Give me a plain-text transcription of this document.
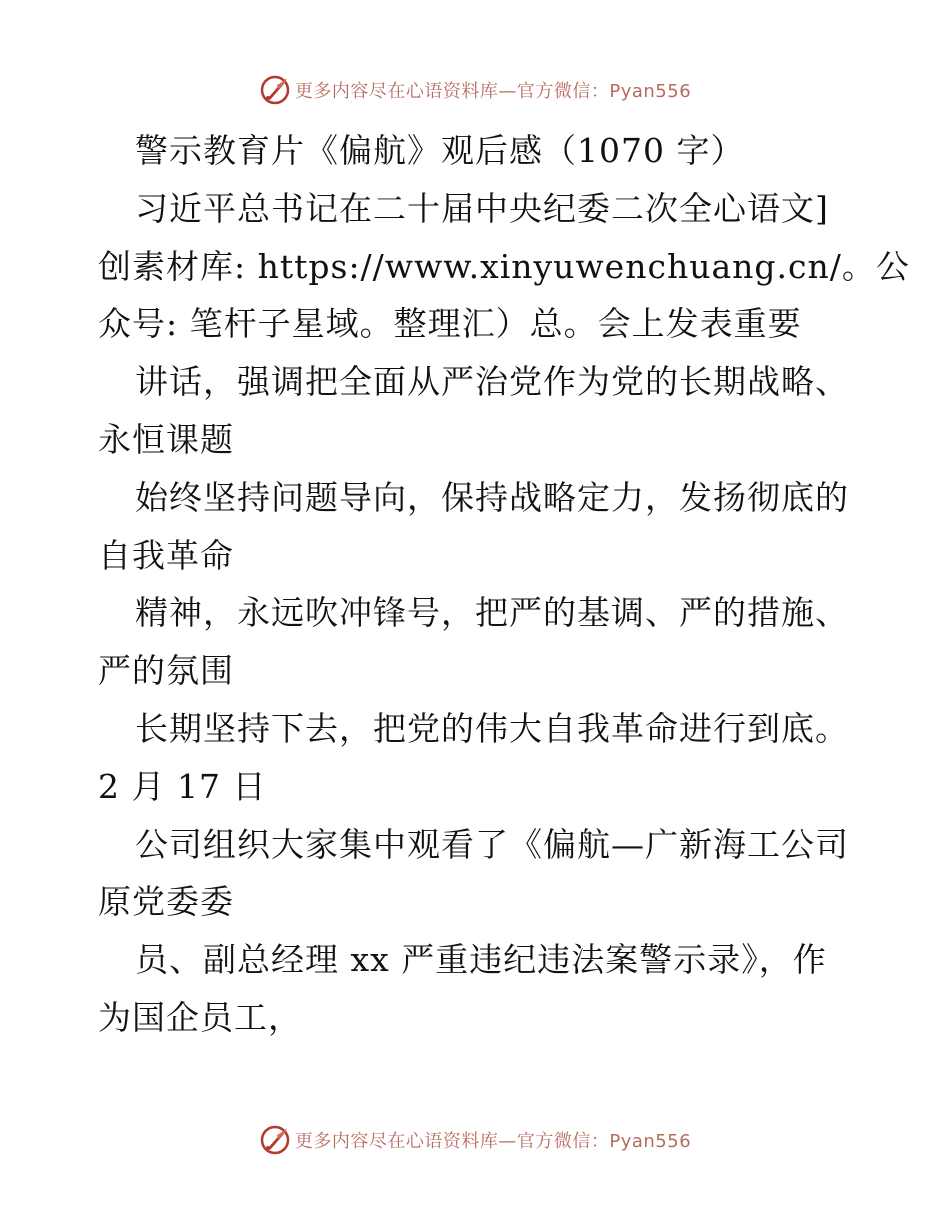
更多内容尽在心语资料库—官方微信：Pyan556
警示教育片《偏航》观后感（1070 字）
习近平总书记在二十届中央纪委二次全心语文]
创素材库: https://www.xinyuwenchuang.cn/。公
众号: 笔杆子星域。整理汇）总。会上发表重要
讲话，强调把全面从严治党作为党的长期战略、
永恒课题
始终坚持问题导向，保持战略定力，发扬彻底的
自我革命
精神，永远吹冲锋号，把严的基调、严的措施、
严的氛围
长期坚持下去，把党的伟大自我革命进行到底。
2 月 17 日
公司组织大家集中观看了《偏航—广新海工公司
原党委委
员、副总经理 xx 严重违纪违法案警示录》，作
为国企员工，
更多内容尽在心语资料库—官方微信：Pyan556
